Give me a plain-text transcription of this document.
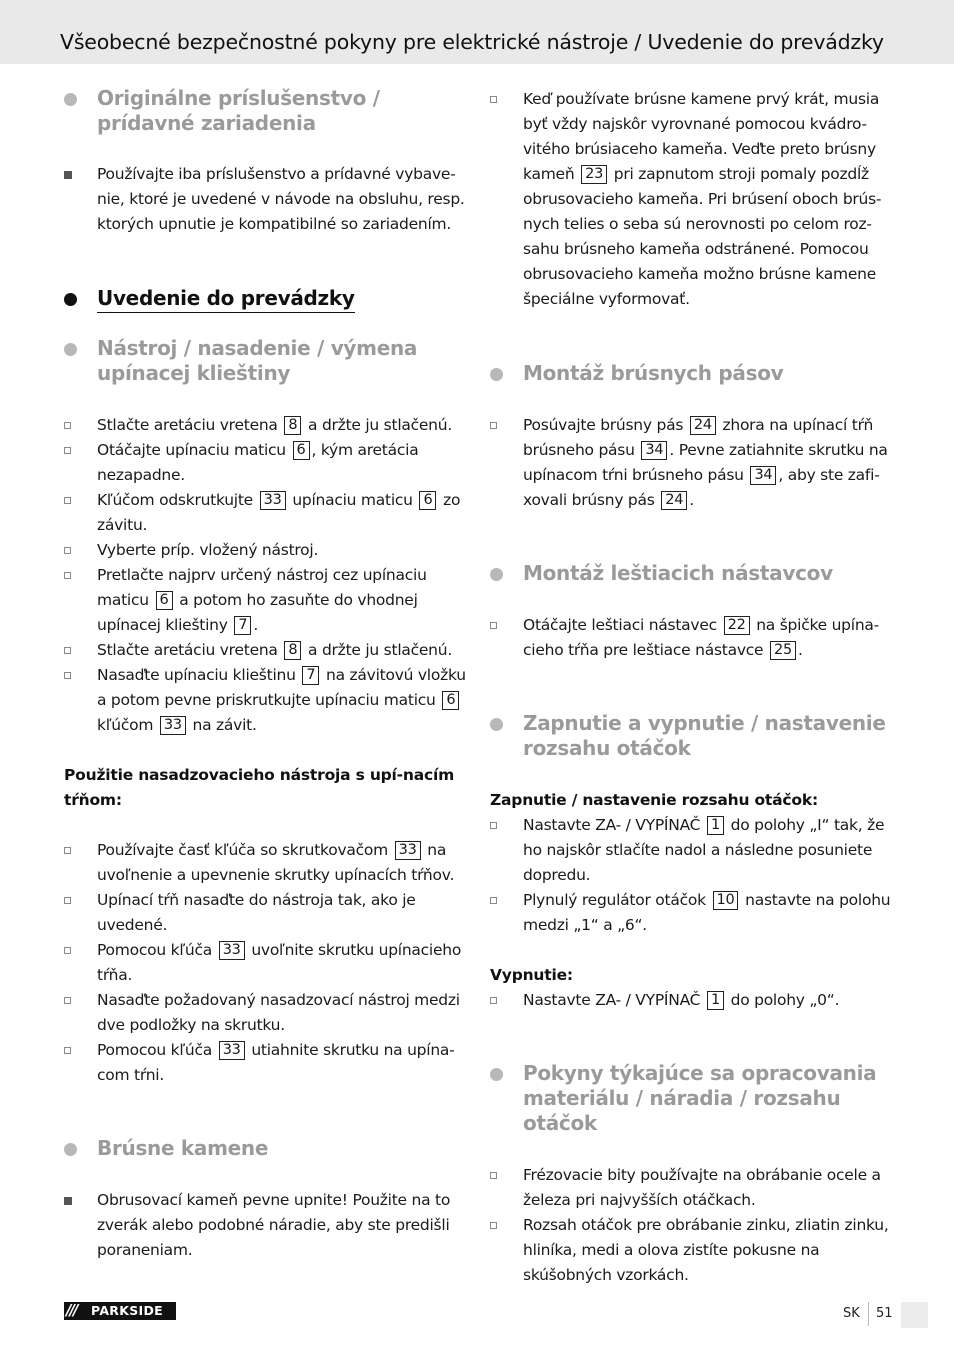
Všeobecné bezpečnostné pokyny pre elektrické nástroje / Uvedenie do prevádzky
Originálne príslušenstvo / prídavné zariadenia
Používajte iba príslušenstvo a prídavné vybave-nie, ktoré je uvedené v návode na obsluhu, resp. ktorých upnutie je kompatibilné so zariadením.
Uvedenie do prevádzky
Nástroj / nasadenie / výmena upínacej klieštiny
Stlačte aretáciu vretena 8 a držte ju stlačenú.
Otáčajte upínaciu maticu 6 , kým aretácia nezapadne.
Kľúčom odskrutkujte 33 upínaciu maticu 6 zo závitu.
Vyberte príp. vložený nástroj.
Pretlačte najprv určený nástroj cez upínaciu maticu 6 a potom ho zasuňte do vhodnej upínacej klieštiny 7 .
Stlačte aretáciu vretena 8 a držte ju stlačenú.
Nasaďte upínaciu klieštinu 7 na závitovú vložku a potom pevne priskrutkujte upínaciu maticu 6 kľúčom 33 na závit.
Použitie nasadzovacieho nástroja s upí-nacím tŕňom:
Používajte časť kľúča so skrutkovačom 33 na uvoľnenie a upevnenie skrutky upínacích tŕňov.
Upínací tŕň nasaďte do nástroja tak, ako je uvedené.
Pomocou kľúča 33 uvoľnite skrutku upínacieho tŕňa.
Nasaďte požadovaný nasadzovací nástroj medzi dve podložky na skrutku.
Pomocou kľúča 33 utiahnite skrutku na upína-com tŕni.
Brúsne kamene
Obrusovací kameň pevne upnite! Použite na to zverák alebo podobné náradie, aby ste predišli poraneniam.
Keď používate brúsne kamene prvý krát, musia byť vždy najskôr vyrovnané pomocou kvádro-vitého brúsiaceho kameňa. Veďte preto brúsny kameň 23 pri zapnutom stroji pomaly pozdĺž obrusovacieho kameňa. Pri brúsení oboch brús-nych telies o seba sú nerovnosti po celom roz-sahu brúsneho kameňa odstránené. Pomocou obrusovacieho kameňa možno brúsne kamene špeciálne vyformovať.
Montáž brúsnych pásov
Posúvajte brúsny pás 24 zhora na upínací tŕň brúsneho pásu 34 . Pevne zatiahnite skrutku na upínacom tŕni brúsneho pásu 34 , aby ste zafi-xovali brúsny pás 24 .
Montáž leštiacich nástavcov
Otáčajte leštiaci nástavec 22 na špičke upína-cieho tŕňa pre leštiace nástavce 25 .
Zapnutie a vypnutie / nastavenie rozsahu otáčok
Zapnutie / nastavenie rozsahu otáčok:
Nastavte ZA- / VYPÍNAČ 1 do polohy „I“ tak, že ho najskôr stlačíte nadol a následne posuniete dopredu.
Plynulý regulátor otáčok 10 nastavte na polohu medzi „1“ a „6“.
Vypnutie:
Nastavte ZA- / VYPÍNAČ 1 do polohy „0“.
Pokyny týkajúce sa opracovania materiálu / náradia / rozsahu otáčok
Frézovacie bity používajte na obrábanie ocele a železa pri najvyšších otáčkach.
Rozsah otáčok pre obrábanie zinku, zliatin zinku, hliníka, medi a olova zistíte pokusne na skúšobných vzorkách.
/// PARKSIDE	SK 51
